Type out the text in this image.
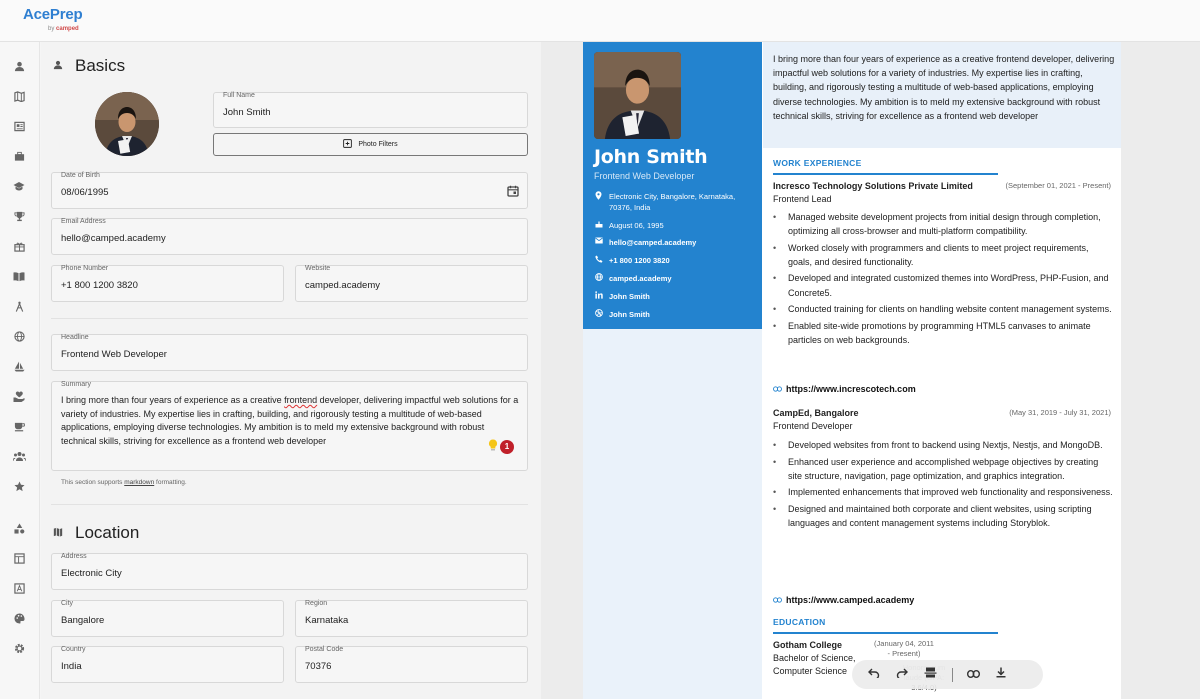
AcePrep
by camped
Basics
Full Name
John Smith
Photo Filters
Date of Birth
08/06/1995
Email Address
hello@camped.academy
Phone Number
+1 800 1200 3820
Website
camped.academy
Headline
Frontend Web Developer
Summary
I bring more than four years of experience as a creative frontend developer, delivering impactful web solutions for a variety of industries. My expertise lies in crafting, building, and rigorously testing a multitude of web-based applications, employing diverse technologies. My ambition is to meld my extensive background with robust technical skills, striving for excellence as a frontend web developer
1
This section supports markdown formatting.
Location
Address
Electronic City
City
Bangalore
Region
Karnataka
Country
India
Postal Code
70376
John Smith
Frontend Web Developer
Electronic City, Bangalore, Karnataka, 70376, India
August 06, 1995
hello@camped.academy
+1 800 1200 3820
camped.academy
John Smith
John Smith
I bring more than four years of experience as a creative frontend developer, delivering impactful web solutions for a variety of industries. My expertise lies in crafting, building, and rigorously testing a multitude of web-based applications, employing diverse technologies. My ambition is to meld my extensive background with robust technical skills, striving for excellence as a frontend web developer
WORK EXPERIENCE
Incresco Technology Solutions Private Limited	(September 01, 2021 - Present)
Frontend Lead
• Managed website development projects from initial design through completion, optimizing all cross-browser and multi-platform compatibility.
• Worked closely with programmers and clients to meet project requirements, goals, and desired functionality.
• Developed and integrated customized themes into WordPress, PHP-Fusion, and Concrete5.
• Conducted training for clients on handling website content management systems.
• Enabled site-wide promotions by programming HTML5 canvases to animate particles on web backgrounds.
https://www.increscotech.com
CampEd, Bangalore	(May 31, 2019 - July 31, 2021)
Frontend Developer
• Developed websites from front to backend using Nextjs, Nestjs, and MongoDB.
• Enhanced user experience and accomplished webpage objectives by creating site structure, navigation, page optimization, and graphics integration.
• Implemented enhancements that improved web functionality and responsiveness.
• Designed and maintained both corporate and client websites, using scripting languages and content management systems including Storyblok.
https://www.camped.academy
EDUCATION
Gotham College
Bachelor of Science,
Computer Science
(January 04, 2011
- Present)
